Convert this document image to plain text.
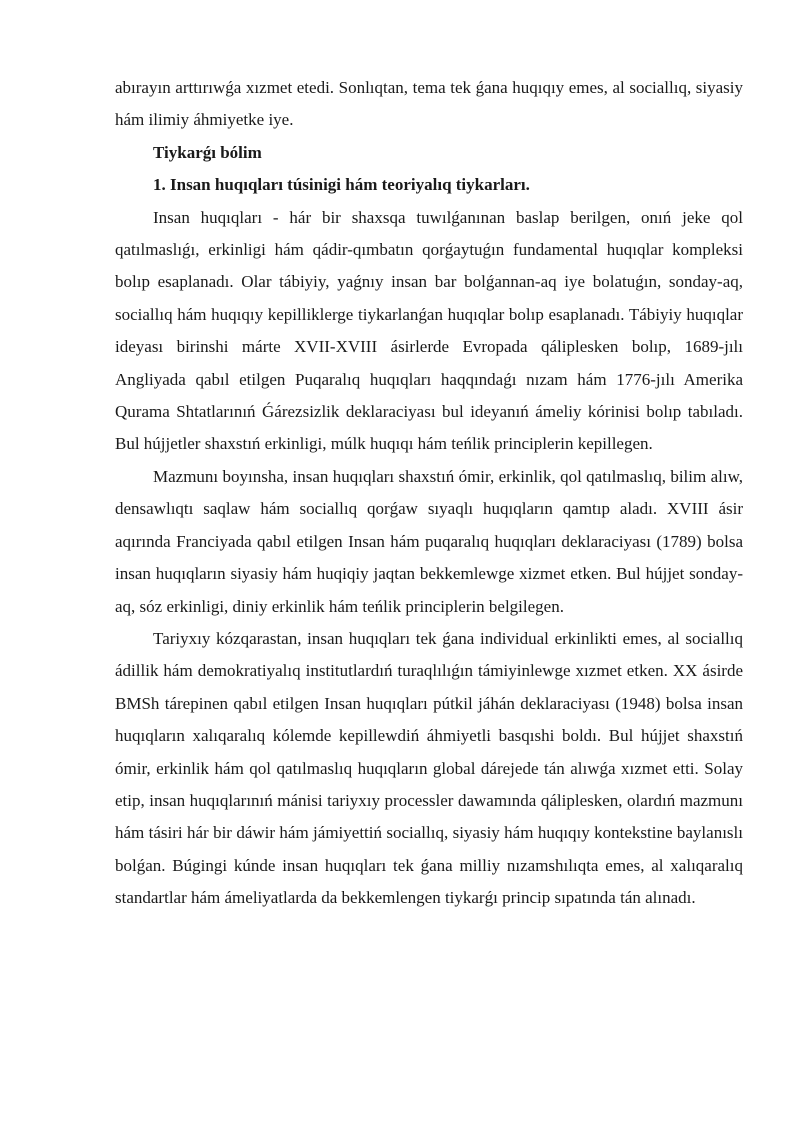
abırayın arttırıwǵa xızmet etedi. Sonlıqtan, tema tek ǵana huqıqıy emes, al sociallıq, siyasiy hám ilimiy áhmiyetke iye.

Tiykarǵı bólim

1. Insan huqıqları túsinigi hám teoriyalıq tiykarları.

Insan huqıqları - hár bir shaxsqa tuwılǵanınan baslap berilgen, onıń jeke qol qatılmaslıǵı, erkinligi hám qádir-qımbatın qorǵaytuǵın fundamental huqıqlar kompleksi bolıp esaplanadı. Olar tábiyiy, yaǵnıy insan bar bolǵannan-aq iye bolatuǵın, sonday-aq, sociallıq hám huqıqıy kepilliklerge tiykarlanǵan huqıqlar bolıp esaplanadı. Tábiyiy huqıqlar ideyası birinshi márte XVII-XVIII ásirlerde Evropada qáliplesken bolıp, 1689-jılı Angliyada qabıl etilgen Puqaralıq huqıqları haqqındaǵı nızam hám 1776-jılı Amerika Qurama Shtatlarınıń Ǵárezsizlik deklaraciyası bul ideyanıń ámeliy kórinisi bolıp tabıladı. Bul hújjetler shaxstıń erkinligi, múlk huqıqı hám teńlik principlerin kepillegen.

Mazmunı boyınsha, insan huqıqları shaxstıń ómir, erkinlik, qol qatılmaslıq, bilim alıw, densawlıqtı saqlaw hám sociallıq qorǵaw sıyaqlı huqıqların qamtıp aladı. XVIII ásir aqırında Franciyada qabıl etilgen Insan hám puqaralıq huqıqları deklaraciyası (1789) bolsa insan huqıqların siyasiy hám huqiqiy jaqtan bekkemlewge xizmet etken. Bul hújjet sonday-aq, sóz erkinligi, diniy erkinlik hám teńlik principlerin belgilegen.

Tariyxıy kózqarastan, insan huqıqları tek ǵana individual erkinlikti emes, al sociallıq ádillik hám demokratiyalıq institutlardıń turaqlılıǵın támiyinlewge xızmet etken. XX ásirde BMSh tárepinen qabıl etilgen Insan huqıqları pútkil jáhán deklaraciyası (1948) bolsa insan huqıqların xalıqaralıq kólemde kepillewdiń áhmiyetli basqıshi boldı. Bul hújjet shaxstıń ómir, erkinlik hám qol qatılmaslıq huqıqların global dárejede tán alıwǵa xızmet etti. Solay etip, insan huqıqlarınıń mánisi tariyxıy processler dawamında qáliplesken, olardıń mazmunı hám tásiri hár bir dáwir hám jámiyettiń sociallıq, siyasiy hám huqıqıy kontekstine baylanıslı bolǵan. Búgingi kúnde insan huqıqları tek ǵana milliy nızamshılıqta emes, al xalıqaralıq standartlar hám ámeliyatlarda da bekkemlengen tiykarǵı princip sıpatında tán alınadı.
